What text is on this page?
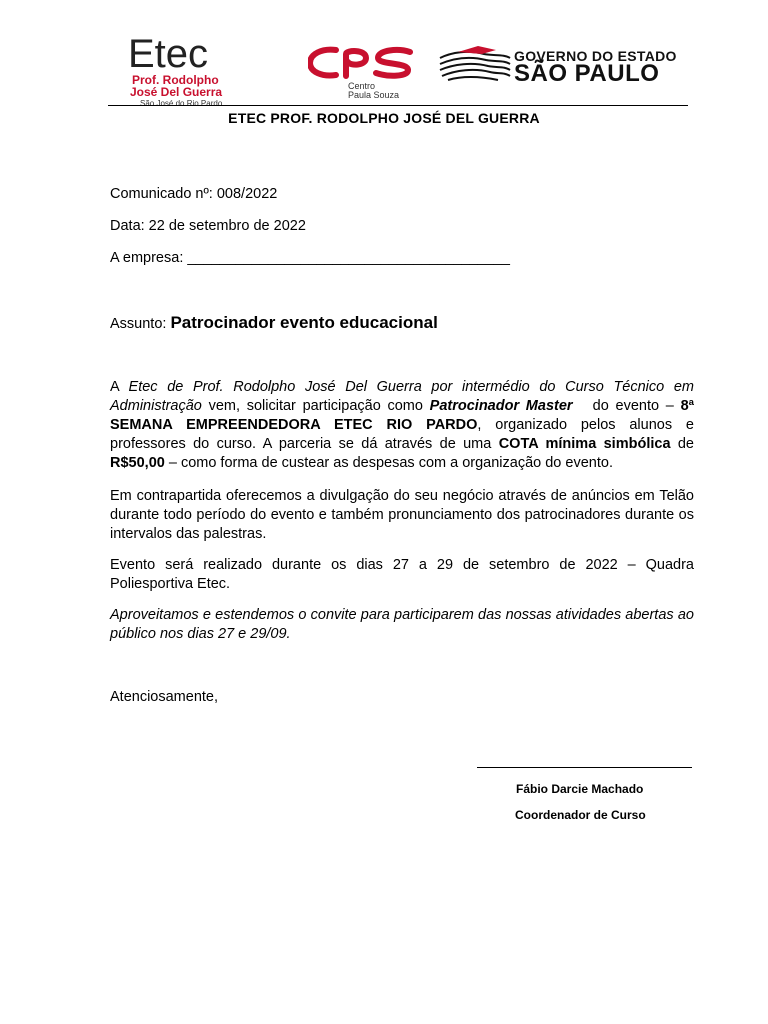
Etec
Prof. Rodolpho
José Del Guerra
São José do Rio Pardo
Centro
Paula Souza
GOVERNO DO ESTADO
SÃO PAULO
ETEC PROF. RODOLPHO JOSÉ DEL GUERRA
Comunicado nº: 008/2022
Data: 22 de setembro de 2022
A empresa: ________________________________________
Assunto: Patrocinador evento educacional
A Etec de Prof. Rodolpho José Del Guerra por intermédio do Curso Técnico em Administração vem, solicitar participação como Patrocinador Master   do evento – 8ª SEMANA EMPREENDEDORA ETEC RIO PARDO, organizado pelos alunos e professores do curso. A parceria se dá através de uma COTA mínima simbólica de R$50,00 – como forma de custear as despesas com a organização do evento.
Em contrapartida oferecemos a divulgação do seu negócio através de anúncios em Telão durante todo período do evento e também pronunciamento dos patrocinadores durante os intervalos das palestras.
Evento será realizado durante os dias 27 a 29 de setembro de 2022 – Quadra Poliesportiva Etec.
Aproveitamos e estendemos o convite para participarem das nossas atividades abertas ao público nos dias 27 e 29/09.
Atenciosamente,
Fábio Darcie Machado
Coordenador de Curso
